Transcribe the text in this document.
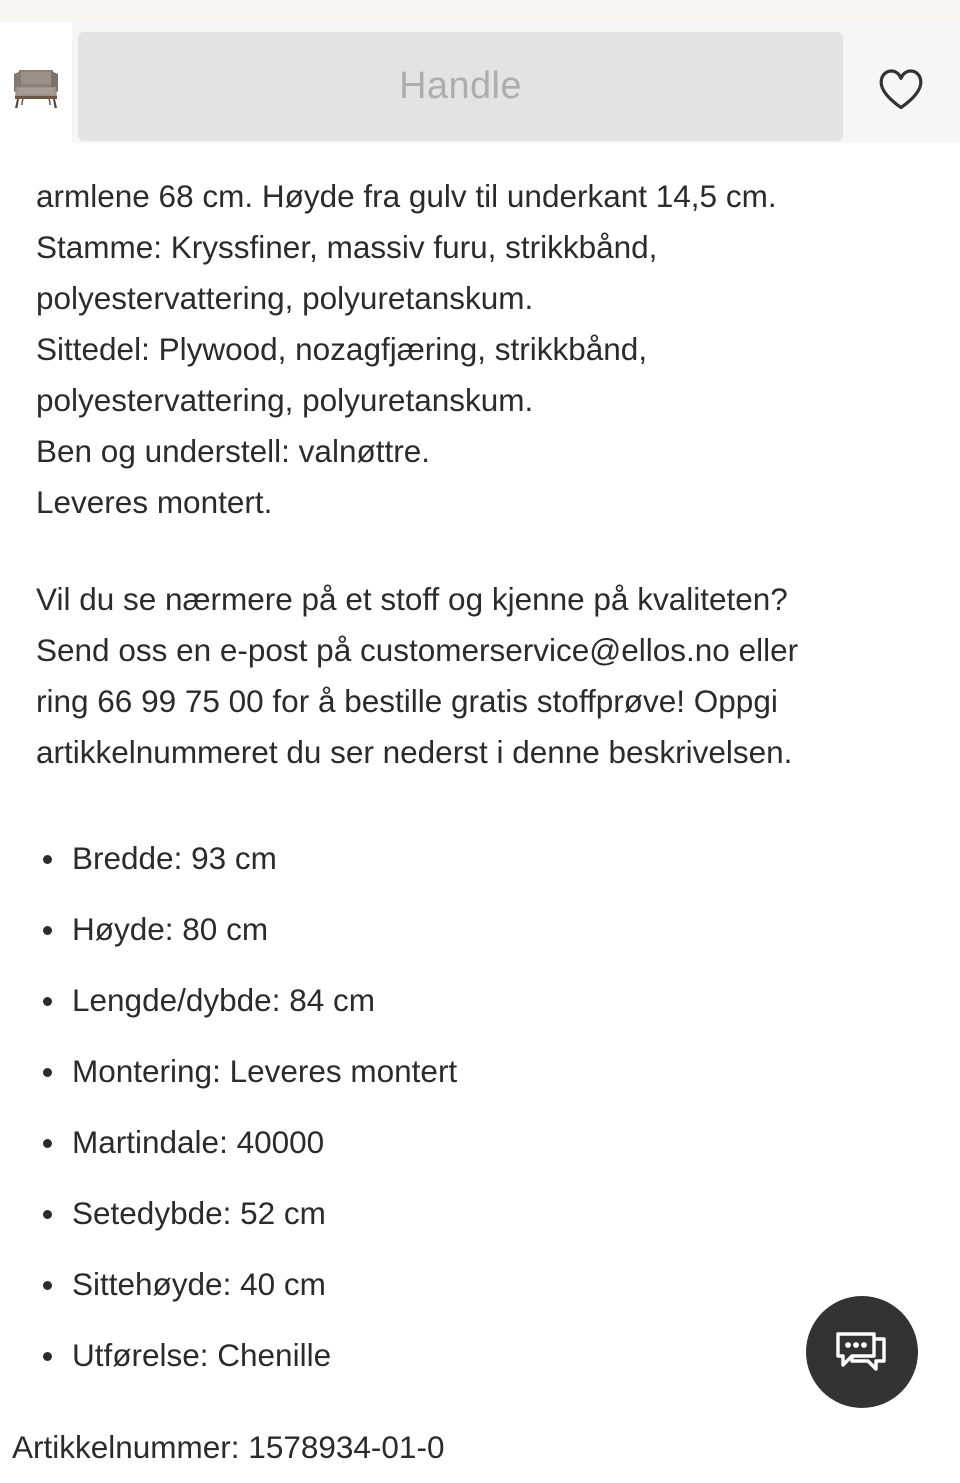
armlene 68 cm. Høyde fra gulv til underkant 14,5 cm.

Stamme: Kryssfiner, massiv furu, strikkbånd,

polyestervattering, polyuretanskum.

Sittedel: Plywood, nozagfjæring, strikkbånd,

polyestervattering, polyuretanskum.

Ben og understell: valnøttre.

Leveres montert.

Vil du se nærmere på et stoff og kjenne på kvaliteten?

Send oss en e-post på customerservice@ellos.no eller

ring 66 99 75 00 for å bestille gratis stoffprøve! Oppgi

artikkelnummeret du ser nederst i denne beskrivelsen.

Bredde: 93 cm
Høyde: 80 cm
Lengde/dybde: 84 cm
Montering: Leveres montert
Martindale: 40000
Setedybde: 52 cm
Sittehøyde: 40 cm
Utførelse: Chenille

Artikkelnummer: 1578934-01-0

Handle
